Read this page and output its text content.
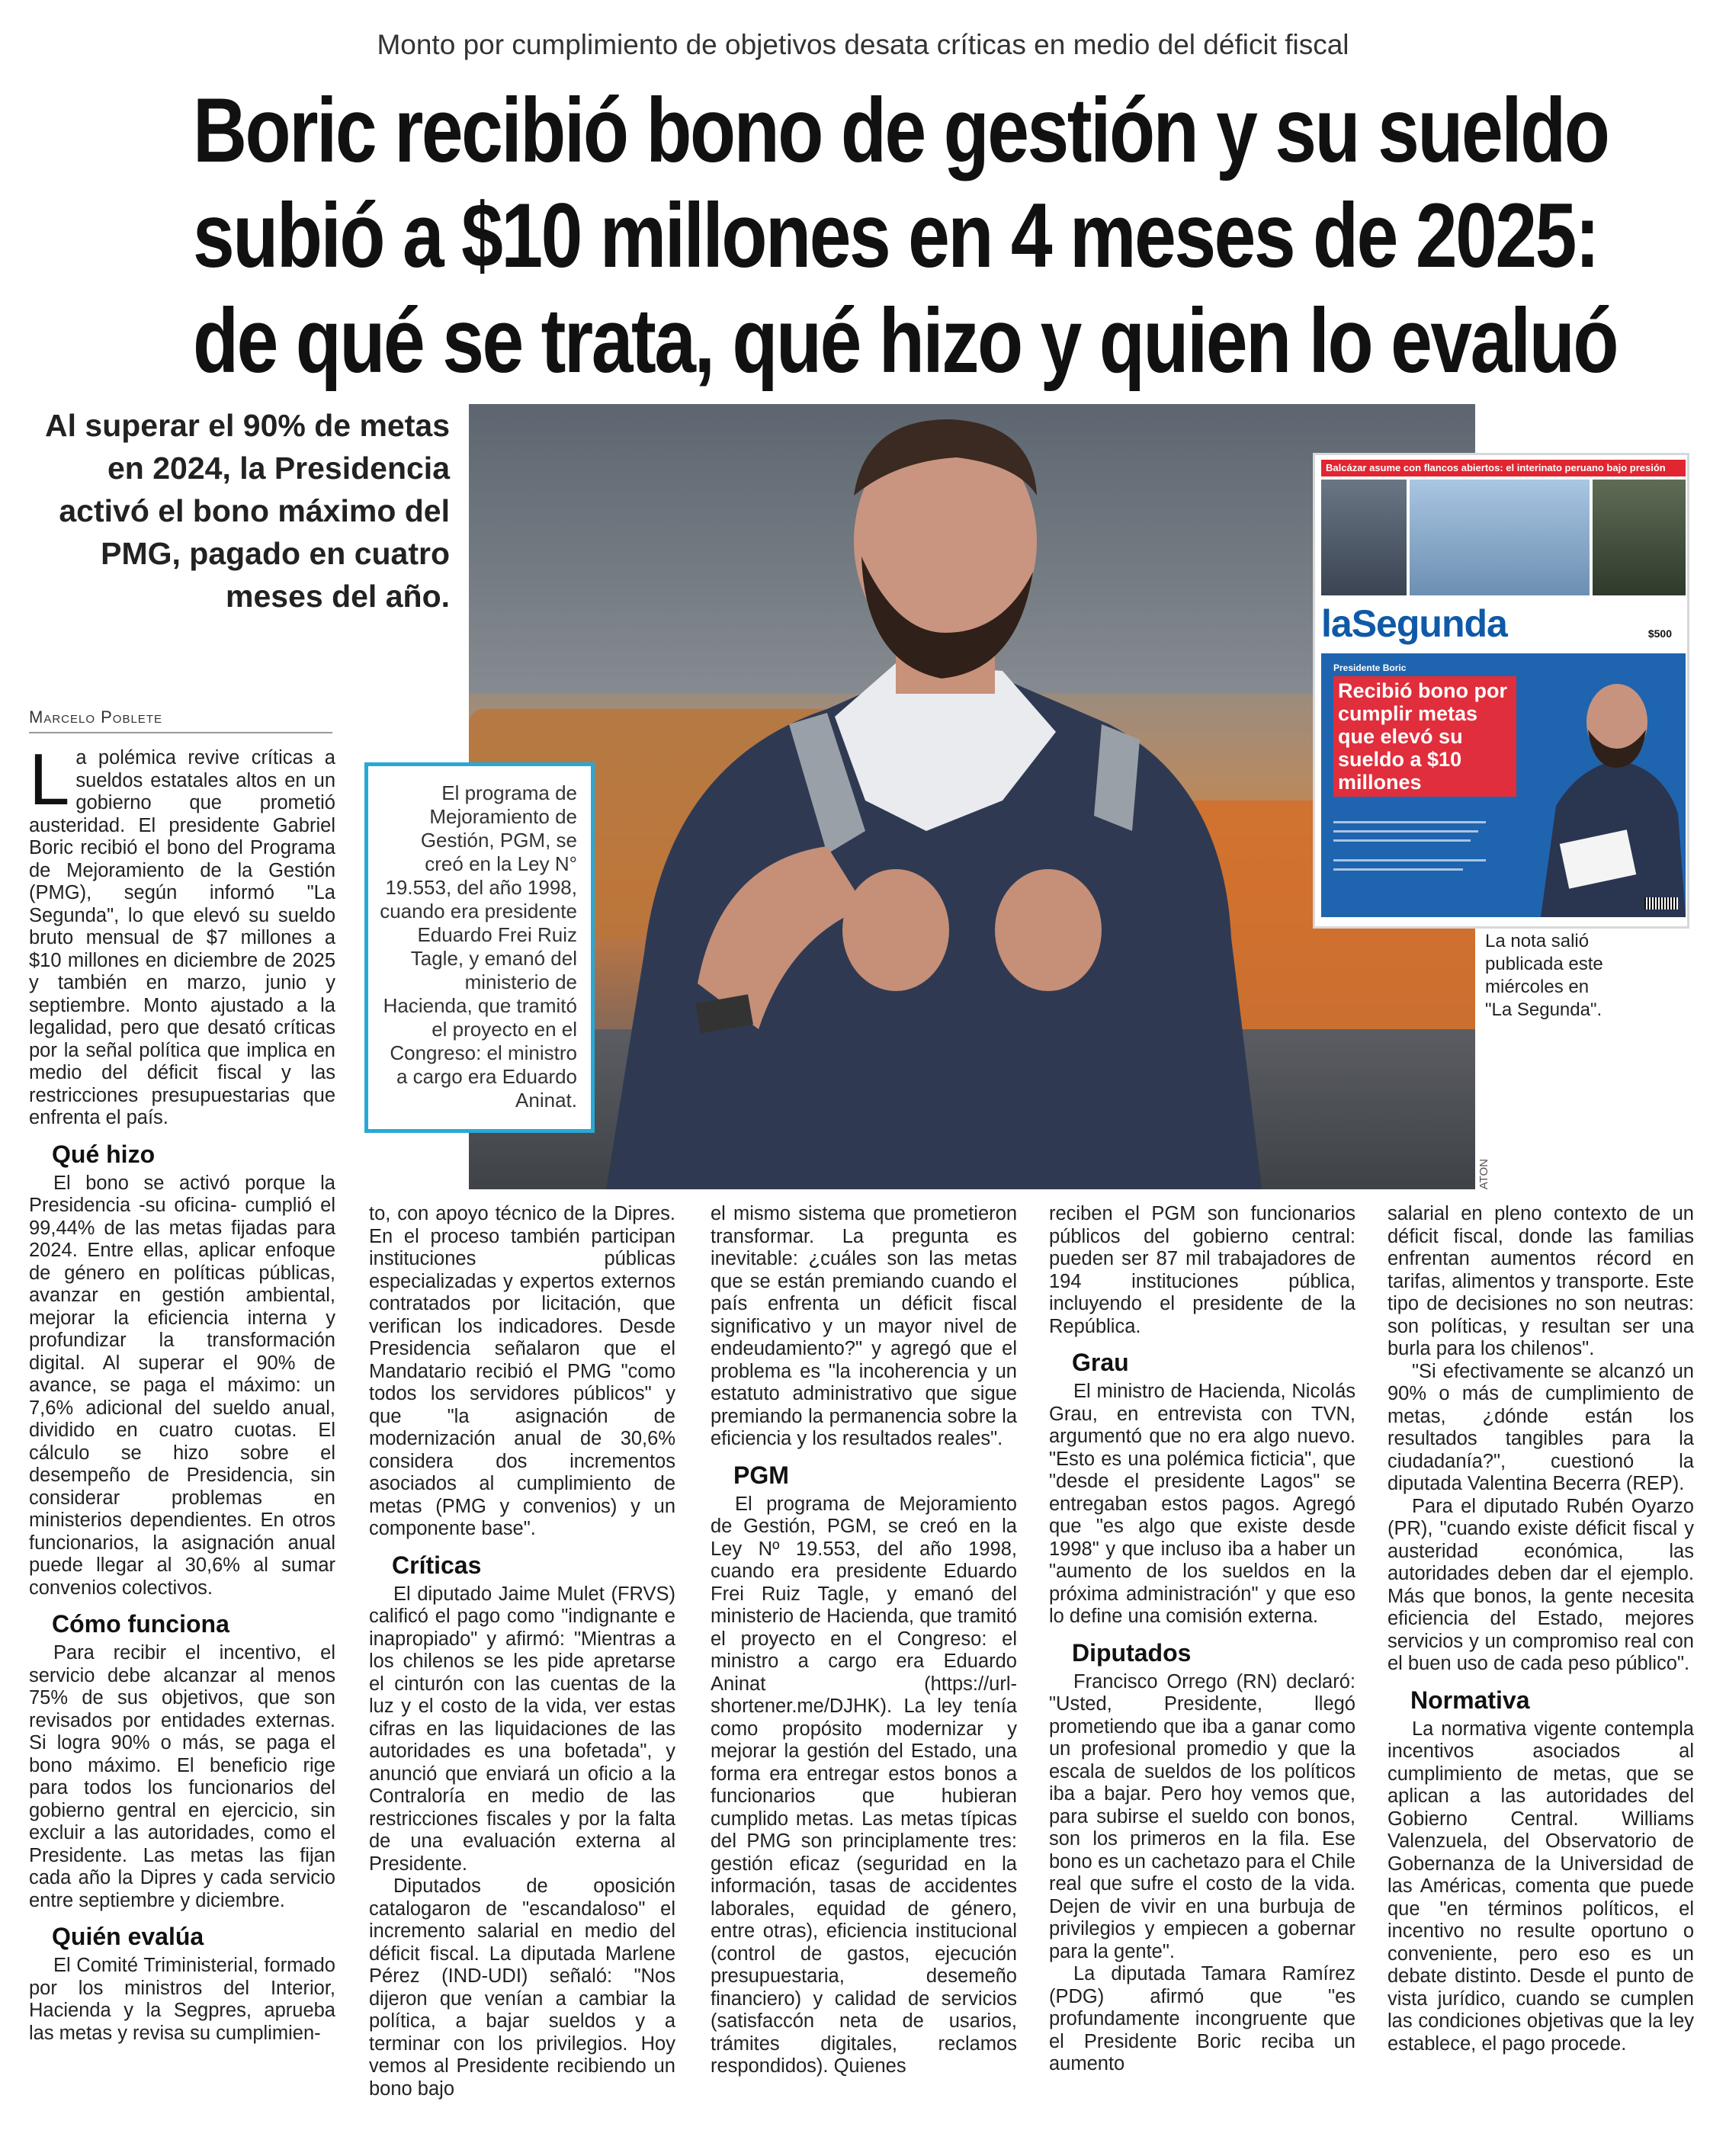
Monto por cumplimiento de objetivos desata críticas en medio del déficit fiscal
Boric recibió bono de gestión y su sueldo
subió a $10 millones en 4 meses de 2025:
de qué se trata, qué hizo y quien lo evaluó
Al superar el 90% de metas en 2024, la Presidencia activó el bono máximo del PMG, pagado en cuatro meses del año.
Marcelo Poblete
ATON
El programa de Mejoramiento de Gestión, PGM, se creó en la Ley N° 19.553, del año 1998, cuando era presidente Eduardo Frei Ruiz Tagle, y emanó del ministerio de Hacienda, que tramitó el proyecto en el Congreso: el ministro a cargo era Eduardo Aninat.
Balcázar asume con flancos abiertos: el interinato peruano bajo presión
laSegunda	$500
Presidente Boric
Recibió bono por cumplir metas que elevó su sueldo a $10 millones
La nota salió publicada este miércoles en "La Segunda".

La polémica revive críticas a sueldos estatales altos en un gobierno que prometió austeridad. El presidente Gabriel Boric recibió el bono del Programa de Mejoramiento de la Gestión (PMG), según informó "La Segunda", lo que elevó su sueldo bruto mensual de $7 millones a $10 millones en diciembre de 2025 y también en marzo, junio y septiembre. Monto ajustado a la legalidad, pero que desató críticas por la señal política que implica en medio del déficit fiscal y las restricciones presupuestarias que enfrenta el país.

Qué hizo

El bono se activó porque la Presidencia -su oficina- cumplió el 99,44% de las metas fijadas para 2024. Entre ellas, aplicar enfoque de género en políticas públicas, avanzar en gestión ambiental, mejorar la eficiencia interna y profundizar la transformación digital. Al superar el 90% de avance, se paga el máximo: un 7,6% adicional del sueldo anual, dividido en cuatro cuotas. El cálculo se hizo sobre el desempeño de Presidencia, sin considerar problemas en ministerios dependientes. En otros funcionarios, la asignación anual puede llegar al 30,6% al sumar convenios colectivos.

Cómo funciona

Para recibir el incentivo, el servicio debe alcanzar al menos 75% de sus objetivos, que son revisados por entidades externas. Si logra 90% o más, se paga el bono máximo. El beneficio rige para todos los funcionarios del gobierno gentral en ejercicio, sin excluir a las autoridades, como el Presidente. Las metas las fijan cada año la Dipres y cada servicio entre septiembre y diciembre.

Quién evalúa

El Comité Triministerial, formado por los ministros del Interior, Hacienda y la Segpres, aprueba las metas y revisa su cumplimien-

to, con apoyo técnico de la Dipres. En el proceso también participan instituciones públicas especializadas y expertos externos contratados por licitación, que verifican los indicadores. Desde Presidencia señalaron que el Mandatario recibió el PMG "como todos los servidores públicos" y que "la asignación de modernización anual de 30,6% considera dos incrementos asociados al cumplimiento de metas (PMG y convenios) y un componente base".

Críticas

El diputado Jaime Mulet (FRVS) calificó el pago como "indignante e inapropiado" y afirmó: "Mientras a los chilenos se les pide apretarse el cinturón con las cuentas de la luz y el costo de la vida, ver estas cifras en las liquidaciones de las autoridades es una bofetada", y anunció que enviará un oficio a la Contraloría en medio de las restricciones fiscales y por la falta de una evaluación externa al Presidente.

Diputados de oposición catalogaron de "escandaloso" el incremento salarial en medio del déficit fiscal. La diputada Marlene Pérez (IND-UDI) señaló: "Nos dijeron que venían a cambiar la política, a bajar sueldos y a terminar con los privilegios. Hoy vemos al Presidente recibiendo un bono bajo

el mismo sistema que prometieron transformar. La pregunta es inevitable: ¿cuáles son las metas que se están premiando cuando el país enfrenta un déficit fiscal significativo y un mayor nivel de endeudamiento?" y agregó que el problema es "la incoherencia y un estatuto administrativo que sigue premiando la permanencia sobre la eficiencia y los resultados reales".

PGM

El programa de Mejoramiento de Gestión, PGM, se creó en la Ley Nº 19.553, del año 1998, cuando era presidente Eduardo Frei Ruiz Tagle, y emanó del ministerio de Hacienda, que tramitó el proyecto en el Congreso: el ministro a cargo era Eduardo Aninat (https://url-shortener.me/DJHK). La ley tenía como propósito modernizar y mejorar la gestión del Estado, una forma era entregar estos bonos a funcionarios que hubieran cumplido metas. Las metas típicas del PMG son principlamente tres: gestión eficaz (seguridad en la información, tasas de accidentes laborales, equidad de género, entre otras), eficiencia institucional (control de gastos, ejecución presupuestaria, desemeño financiero) y calidad de servicios (satisfaccón neta de usarios, trámites digitales, reclamos respondidos). Quienes

reciben el PGM son funcionarios públicos del gobierno central: pueden ser 87 mil trabajadores de 194 instituciones pública, incluyendo el presidente de la República.

Grau

El ministro de Hacienda, Nicolás Grau, en entrevista con TVN, argumentó que no era algo nuevo. "Esto es una polémica ficticia", que "desde el presidente Lagos" se entregaban estos pagos. Agregó que "es algo que existe desde 1998" y que incluso iba a haber un "aumento de los sueldos en la próxima administración" y que eso lo define una comisión externa.

Diputados

Francisco Orrego (RN) declaró: "Usted, Presidente, llegó prometiendo que iba a ganar como un profesional promedio y que la escala de sueldos de los políticos iba a bajar. Pero hoy vemos que, para subirse el sueldo con bonos, son los primeros en la fila. Ese bono es un cachetazo para el Chile real que sufre el costo de la vida. Dejen de vivir en una burbuja de privilegios y empiecen a gobernar para la gente".

La diputada Tamara Ramírez (PDG) afirmó que "es profundamente incongruente que el Presidente Boric reciba un aumento

salarial en pleno contexto de un déficit fiscal, donde las familias enfrentan aumentos récord en tarifas, alimentos y transporte. Este tipo de decisiones no son neutras: son políticas, y resultan ser una burla para los chilenos".

"Si efectivamente se alcanzó un 90% o más de cumplimiento de metas, ¿dónde están los resultados tangibles para la ciudadanía?", cuestionó la diputada Valentina Becerra (REP).

Para el diputado Rubén Oyarzo (PR), "cuando existe déficit fiscal y austeridad económica, las autoridades deben dar el ejemplo. Más que bonos, la gente necesita eficiencia del Estado, mejores servicios y un compromiso real con el buen uso de cada peso público".

Normativa

La normativa vigente contempla incentivos asociados al cumplimiento de metas, que se aplican a las autoridades del Gobierno Central. Williams Valenzuela, del Observatorio de Gobernanza de la Universidad de las Américas, comenta que puede que "en términos políticos, el incentivo no resulte oportuno o conveniente, pero eso es un debate distinto. Desde el punto de vista jurídico, cuando se cumplen las condiciones objetivas que la ley establece, el pago procede.
